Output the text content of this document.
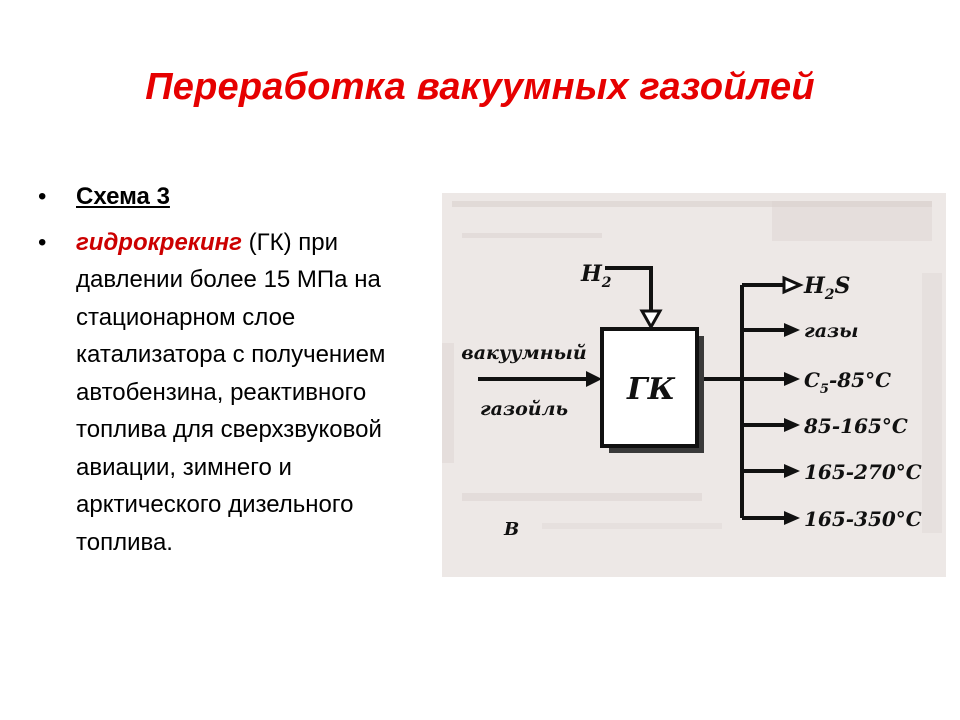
Переработка вакуумных газойлей
• Схема 3
• гидрокрекинг (ГК) при давлении более 15 МПа на стационарном слое катализатора с получением автобензина, реактивного топлива для сверхзвуковой авиации, зимнего и арктического дизельного топлива.
ГК
$H_2$
вакуумный
газойль
$H_2S$
газы
$C_5-85^\circ C$
85-165°C
165-270°C
165-350°C
B
